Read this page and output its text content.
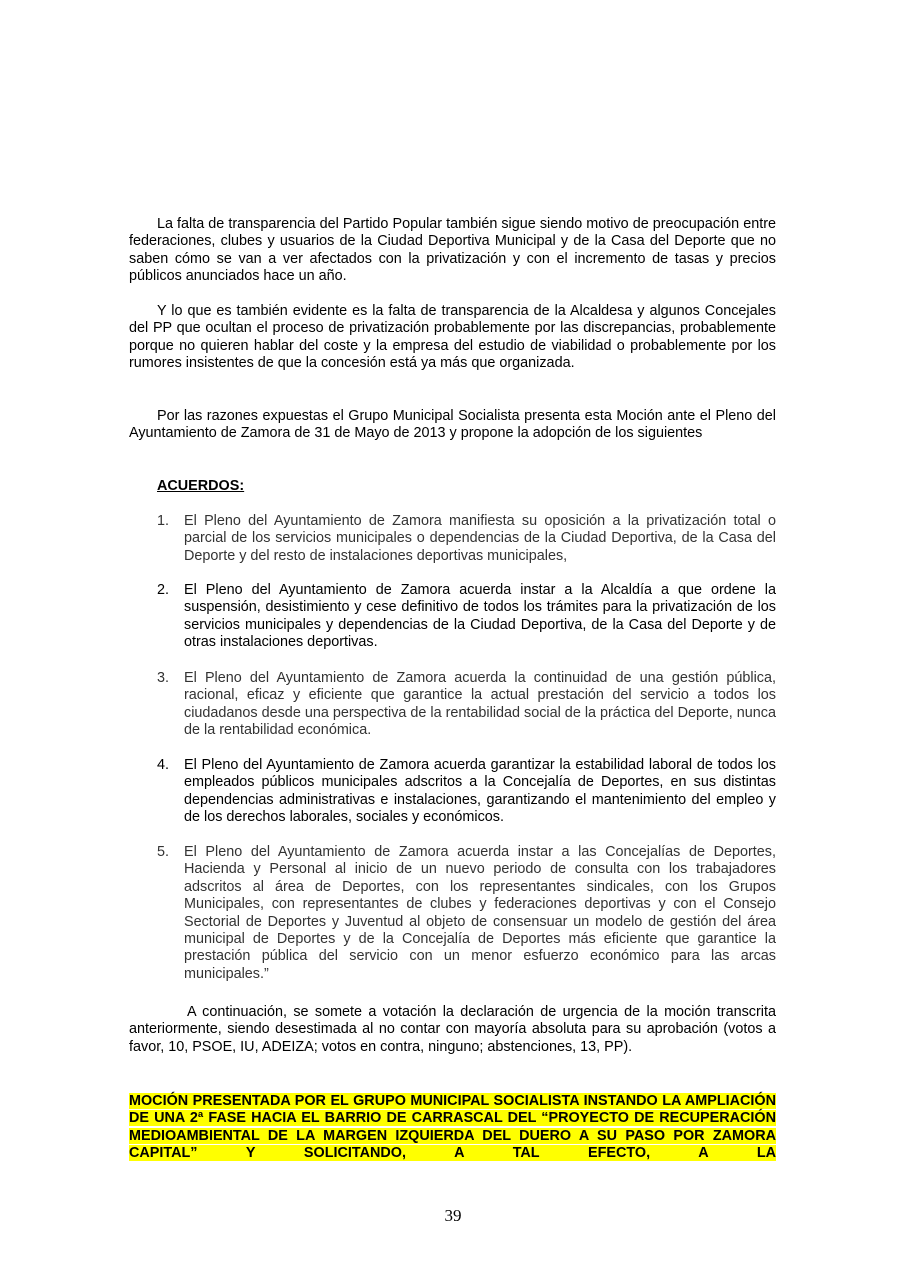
La falta de transparencia del Partido Popular también sigue siendo motivo de preocupación entre federaciones, clubes y usuarios de la Ciudad Deportiva Municipal y de la Casa del Deporte que no saben cómo se van a ver afectados con la privatización y con el incremento de tasas y precios públicos anunciados hace un año.

Y lo que es también evidente es la falta de transparencia de la Alcaldesa y algunos Concejales del PP que ocultan el proceso de privatización probablemente por las discrepancias, probablemente porque no quieren hablar del coste y la empresa del estudio de viabilidad o probablemente por los rumores insistentes de que la concesión está ya más que organizada.

Por las razones expuestas el Grupo Municipal Socialista presenta esta Moción ante el Pleno del Ayuntamiento de Zamora de 31 de Mayo de 2013 y propone la adopción de los siguientes

ACUERDOS:
1.	El Pleno del Ayuntamiento de Zamora manifiesta su oposición a la privatización total o parcial de los servicios municipales o dependencias de la Ciudad Deportiva, de la Casa del Deporte y del resto de instalaciones deportivas municipales,
2.	El Pleno del Ayuntamiento de Zamora acuerda instar a la Alcaldía a que ordene la suspensión, desistimiento y cese definitivo de todos los trámites para la privatización de los servicios municipales y dependencias de la Ciudad Deportiva, de la Casa del Deporte y de otras instalaciones deportivas.
3.	El Pleno del Ayuntamiento de Zamora acuerda la continuidad de una gestión pública, racional, eficaz y eficiente que garantice la actual prestación del servicio a todos los ciudadanos desde una perspectiva de la rentabilidad social de la práctica del Deporte, nunca de la rentabilidad económica.
4.	El Pleno del Ayuntamiento de Zamora acuerda garantizar la estabilidad laboral de todos los empleados públicos municipales adscritos a la Concejalía de Deportes, en sus distintas dependencias administrativas e instalaciones, garantizando el mantenimiento del empleo y de los derechos laborales, sociales y económicos.
5.	El Pleno del Ayuntamiento de Zamora acuerda instar a las Concejalías de Deportes, Hacienda y Personal al inicio de un nuevo periodo de consulta con los trabajadores adscritos al área de Deportes, con los representantes sindicales, con los Grupos Municipales, con representantes de clubes y federaciones deportivas y con el Consejo Sectorial de Deportes y Juventud al objeto de consensuar un modelo de gestión del área municipal de Deportes y de la Concejalía de Deportes más eficiente que garantice la prestación pública del servicio con un menor esfuerzo económico para las arcas municipales.”

A continuación, se somete a votación la declaración de urgencia de la moción transcrita anteriormente, siendo desestimada al no contar con mayoría absoluta para su aprobación (votos a favor, 10, PSOE, IU, ADEIZA; votos en contra, ninguno; abstenciones, 13, PP).

MOCIÓN PRESENTADA POR EL GRUPO MUNICIPAL SOCIALISTA INSTANDO LA AMPLIACIÓN DE UNA 2ª FASE HACIA EL BARRIO DE CARRASCAL DEL “PROYECTO DE RECUPERACIÓN MEDIOAMBIENTAL DE LA MARGEN IZQUIERDA DEL DUERO A SU PASO POR ZAMORA CAPITAL” Y SOLICITANDO, A TAL EFECTO, A LA

39
